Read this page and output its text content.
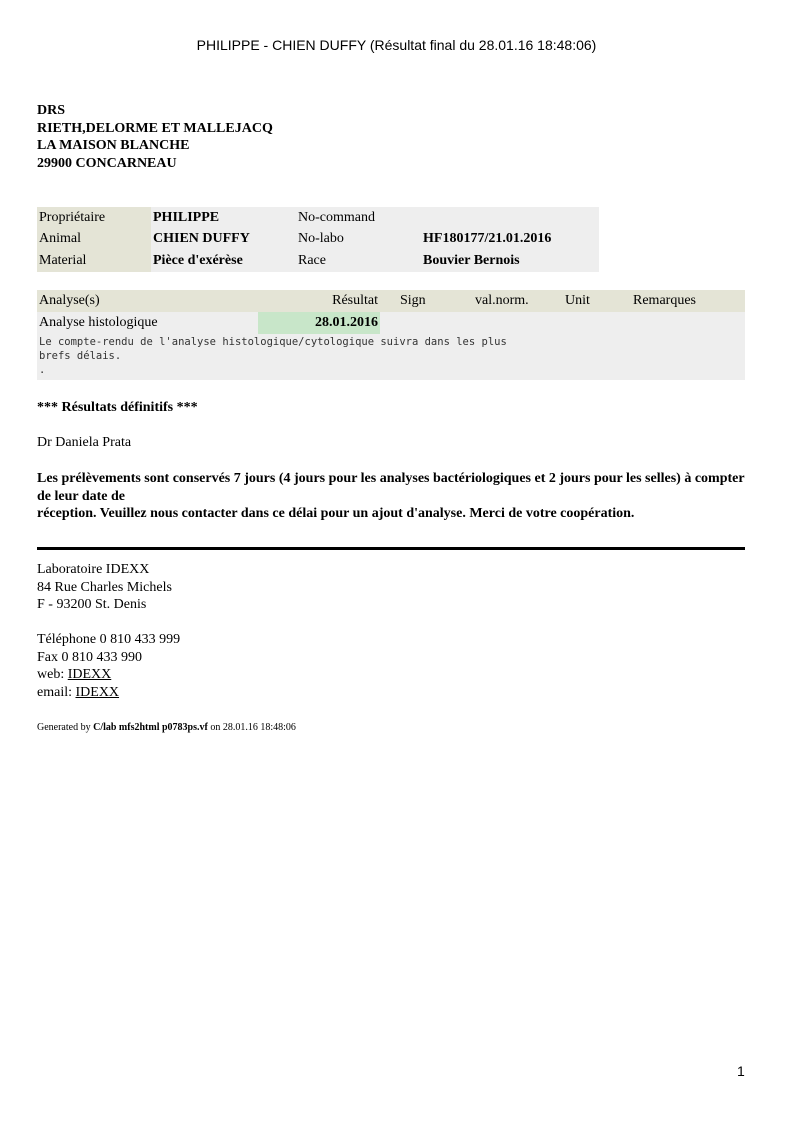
PHILIPPE - CHIEN DUFFY (Résultat final du 28.01.16 18:48:06)
DRS
RIETH,DELORME ET MALLEJACQ
LA MAISON BLANCHE
29900 CONCARNEAU
Propriétaire	PHILIPPE	No-command	
Animal	CHIEN DUFFY	No-labo	HF180177/21.01.2016
Material	Pièce d'exérèse	Race	Bouvier Bernois
Analyse(s)	Résultat	Sign	val.norm.	Unit	Remarques
Analyse histologique	28.01.2016				

Le compte-rendu de l'analyse histologique/cytologique suivra dans les plus
brefs délais.
.					
*** Résultats définitifs ***
Dr Daniela Prata
Les prélèvements sont conservés 7 jours (4 jours pour les analyses bactériologiques et 2 jours pour les selles) à compter de leur date de
réception. Veuillez nous contacter dans ce délai pour un ajout d'analyse. Merci de votre coopération.
Laboratoire IDEXX
84 Rue Charles Michels
F - 93200 St. Denis
Téléphone 0 810 433 999
Fax 0 810 433 990
web: IDEXX
email: IDEXX
Generated by C/lab mfs2html p0783ps.vf on 28.01.16 18:48:06
1
